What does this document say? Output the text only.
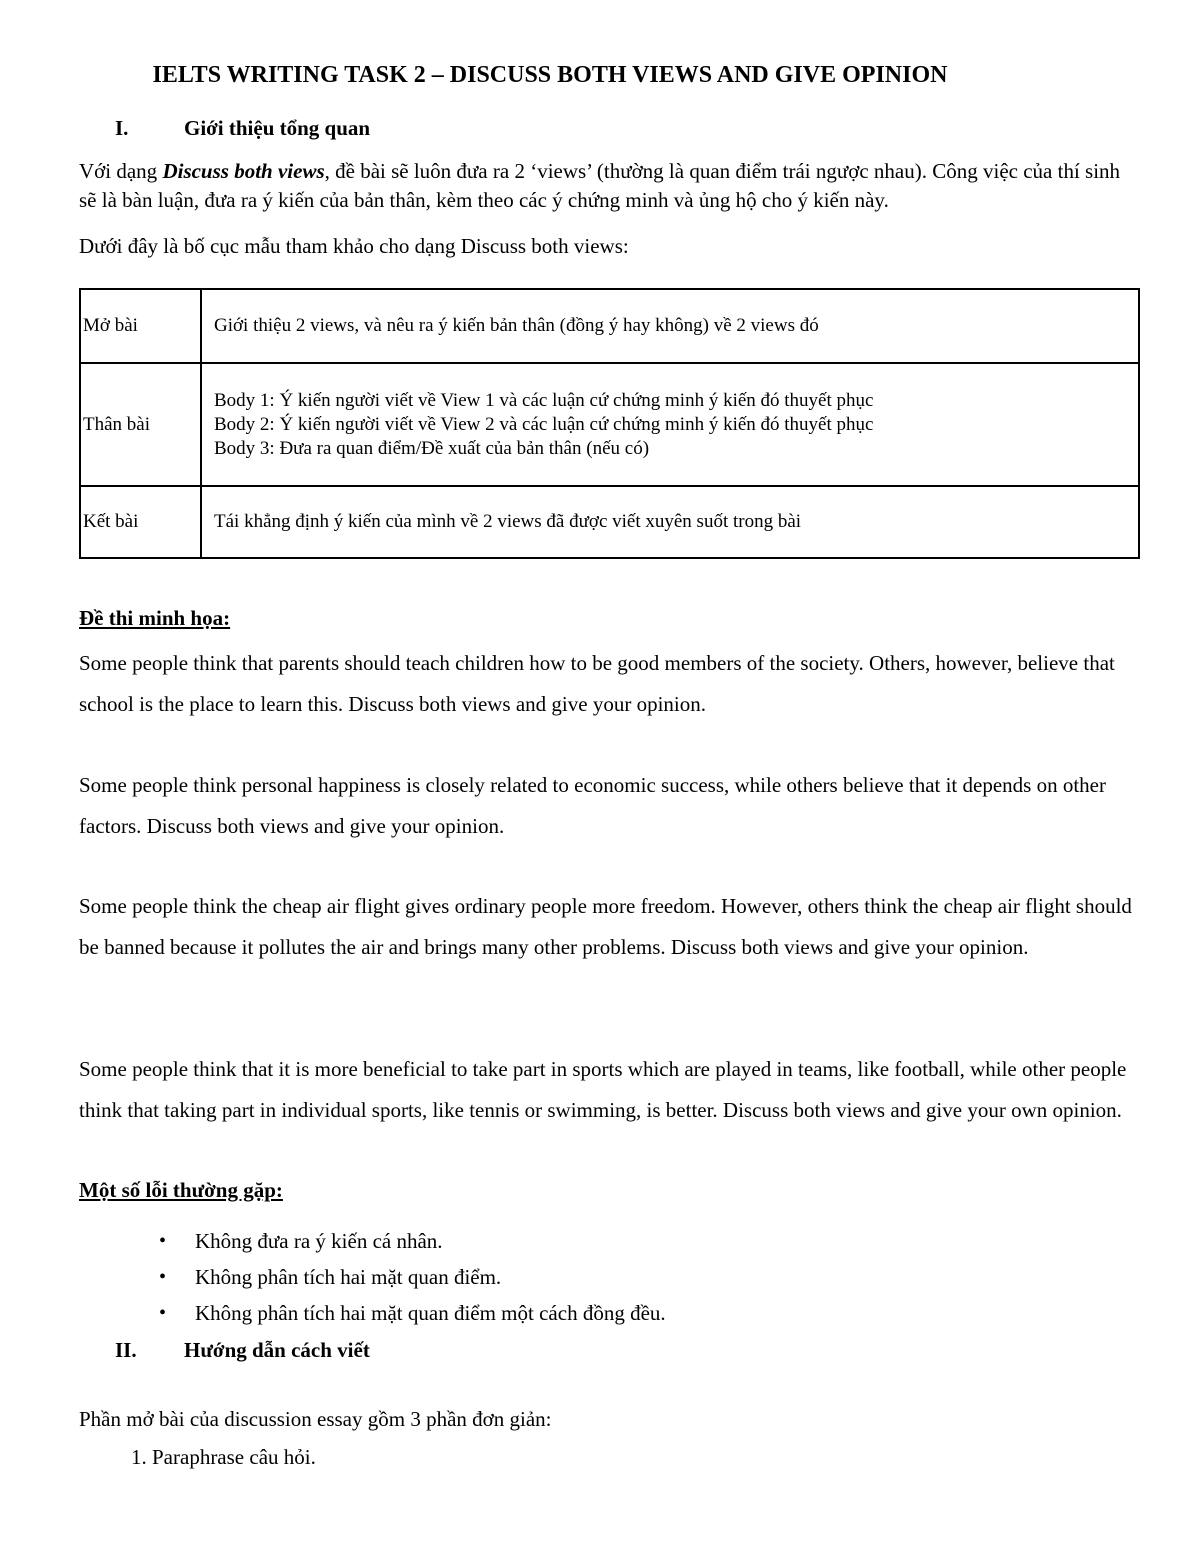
IELTS WRITING TASK 2 – DISCUSS BOTH VIEWS AND GIVE OPINION
I.	Giới thiệu tổng quan
Với dạng Discuss both views, đề bài sẽ luôn đưa ra 2 ‘views’ (thường là quan điểm trái ngược nhau). Công việc của thí sinh sẽ là bàn luận, đưa ra ý kiến của bản thân, kèm theo các ý chứng minh và ủng hộ cho ý kiến này.
Dưới đây là bố cục mẫu tham khảo cho dạng Discuss both views:
Mở bài	Giới thiệu 2 views, và nêu ra ý kiến bản thân (đồng ý hay không) về 2 views đó
Thân bài	Body 1: Ý kiến người viết về View 1 và các luận cứ chứng minh ý kiến đó thuyết phục
Body 2: Ý kiến người viết về View 2 và các luận cứ chứng minh ý kiến đó thuyết phục
Body 3: Đưa ra quan điểm/Đề xuất của bản thân (nếu có)

Kết bài	Tái khẳng định ý kiến của mình về 2 views đã được viết xuyên suốt trong bài
Đề thi minh họa:
Some people think that parents should teach children how to be good members of the society. Others, however, believe that school is the place to learn this. Discuss both views and give your opinion.
Some people think personal happiness is closely related to economic success, while others believe that it depends on other factors. Discuss both views and give your opinion.
Some people think the cheap air flight gives ordinary people more freedom. However, others think the cheap air flight should be banned because it pollutes the air and brings many other problems. Discuss both views and give your opinion.
Some people think that it is more beneficial to take part in sports which are played in teams, like football, while other people think that taking part in individual sports, like tennis or swimming, is better. Discuss both views and give your own opinion.
Một số lỗi thường gặp:
• Không đưa ra ý kiến cá nhân.
• Không phân tích hai mặt quan điểm.
• Không phân tích hai mặt quan điểm một cách đồng đều.
II. Hướng dẫn cách viết
Phần mở bài của discussion essay gồm 3 phần đơn giản:
1. Paraphrase câu hỏi.
